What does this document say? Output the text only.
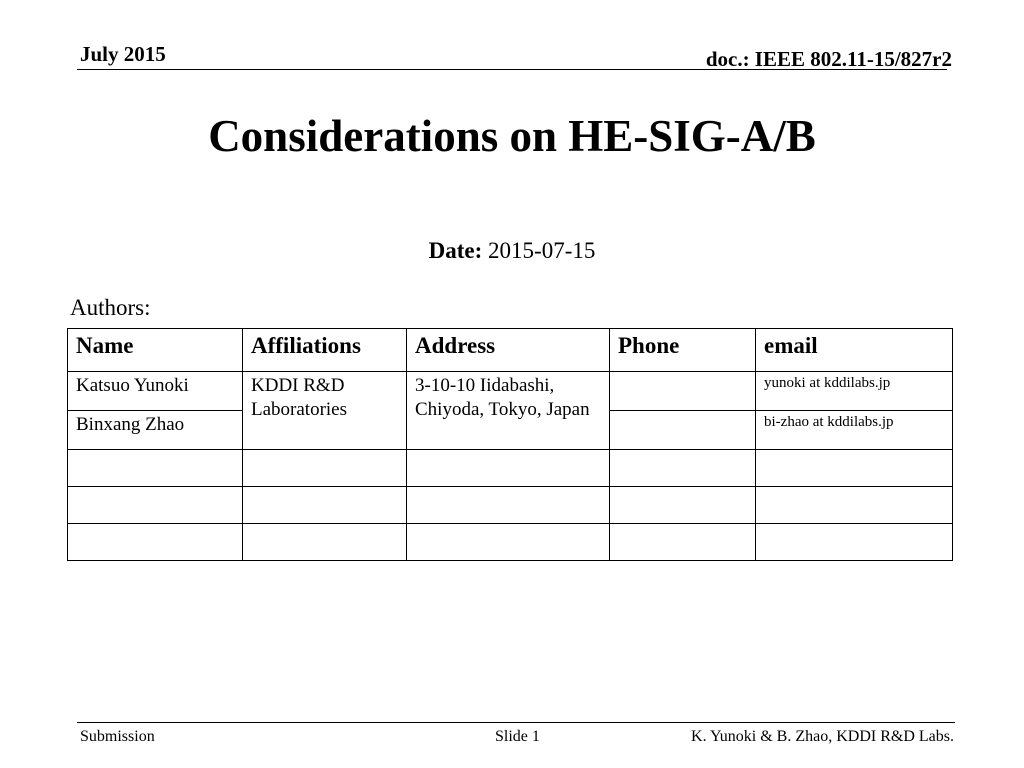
July 2015	doc.: IEEE 802.11-15/827r2
Considerations on HE-SIG-A/B
Date: 2015-07-15
Authors:
Name	Affiliations	Address	Phone	email
Katsuo Yunoki	KDDI R&D Laboratories	3-10-10 Iidabashi, Chiyoda, Tokyo, Japan		yunoki at kddilabs.jp
Binxang Zhao				bi-zhao at kddilabs.jp

Submission	Slide 1	K. Yunoki & B. Zhao, KDDI R&D Labs.
